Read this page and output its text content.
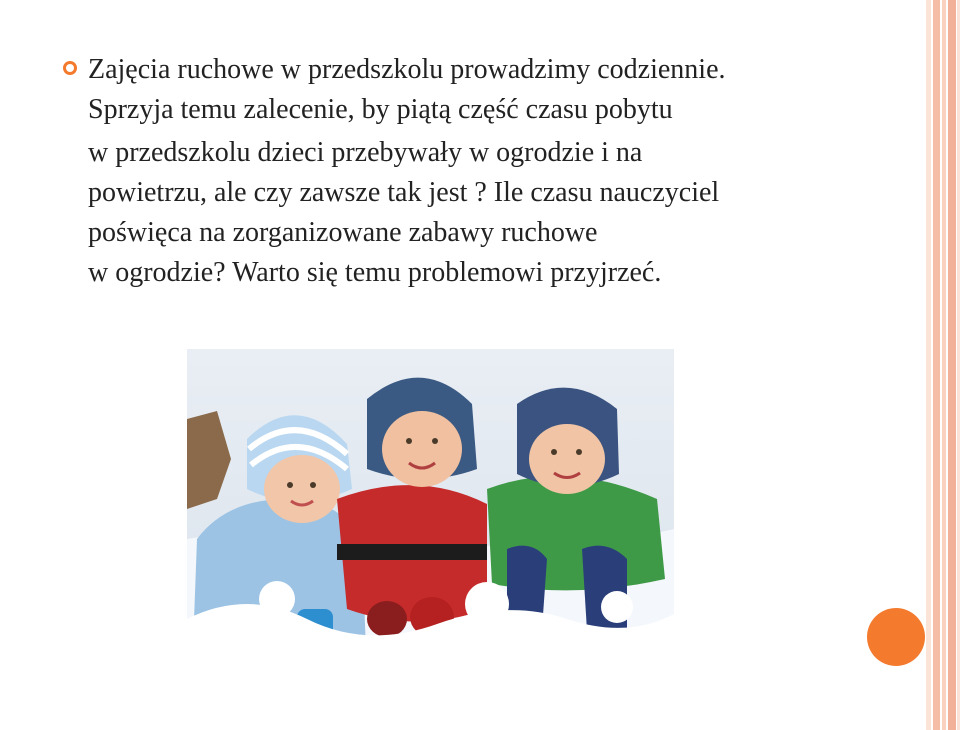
Zajęcia ruchowe w przedszkolu prowadzimy codziennie.
Sprzyja temu zalecenie, by piątą część czasu pobytu
w przedszkolu dzieci przebywały w ogrodzie i na
powietrzu, ale czy zawsze tak jest ? Ile czasu nauczyciel
poświęca na zorganizowane zabawy ruchowe
w ogrodzie? Warto się temu problemowi przyjrzeć.
